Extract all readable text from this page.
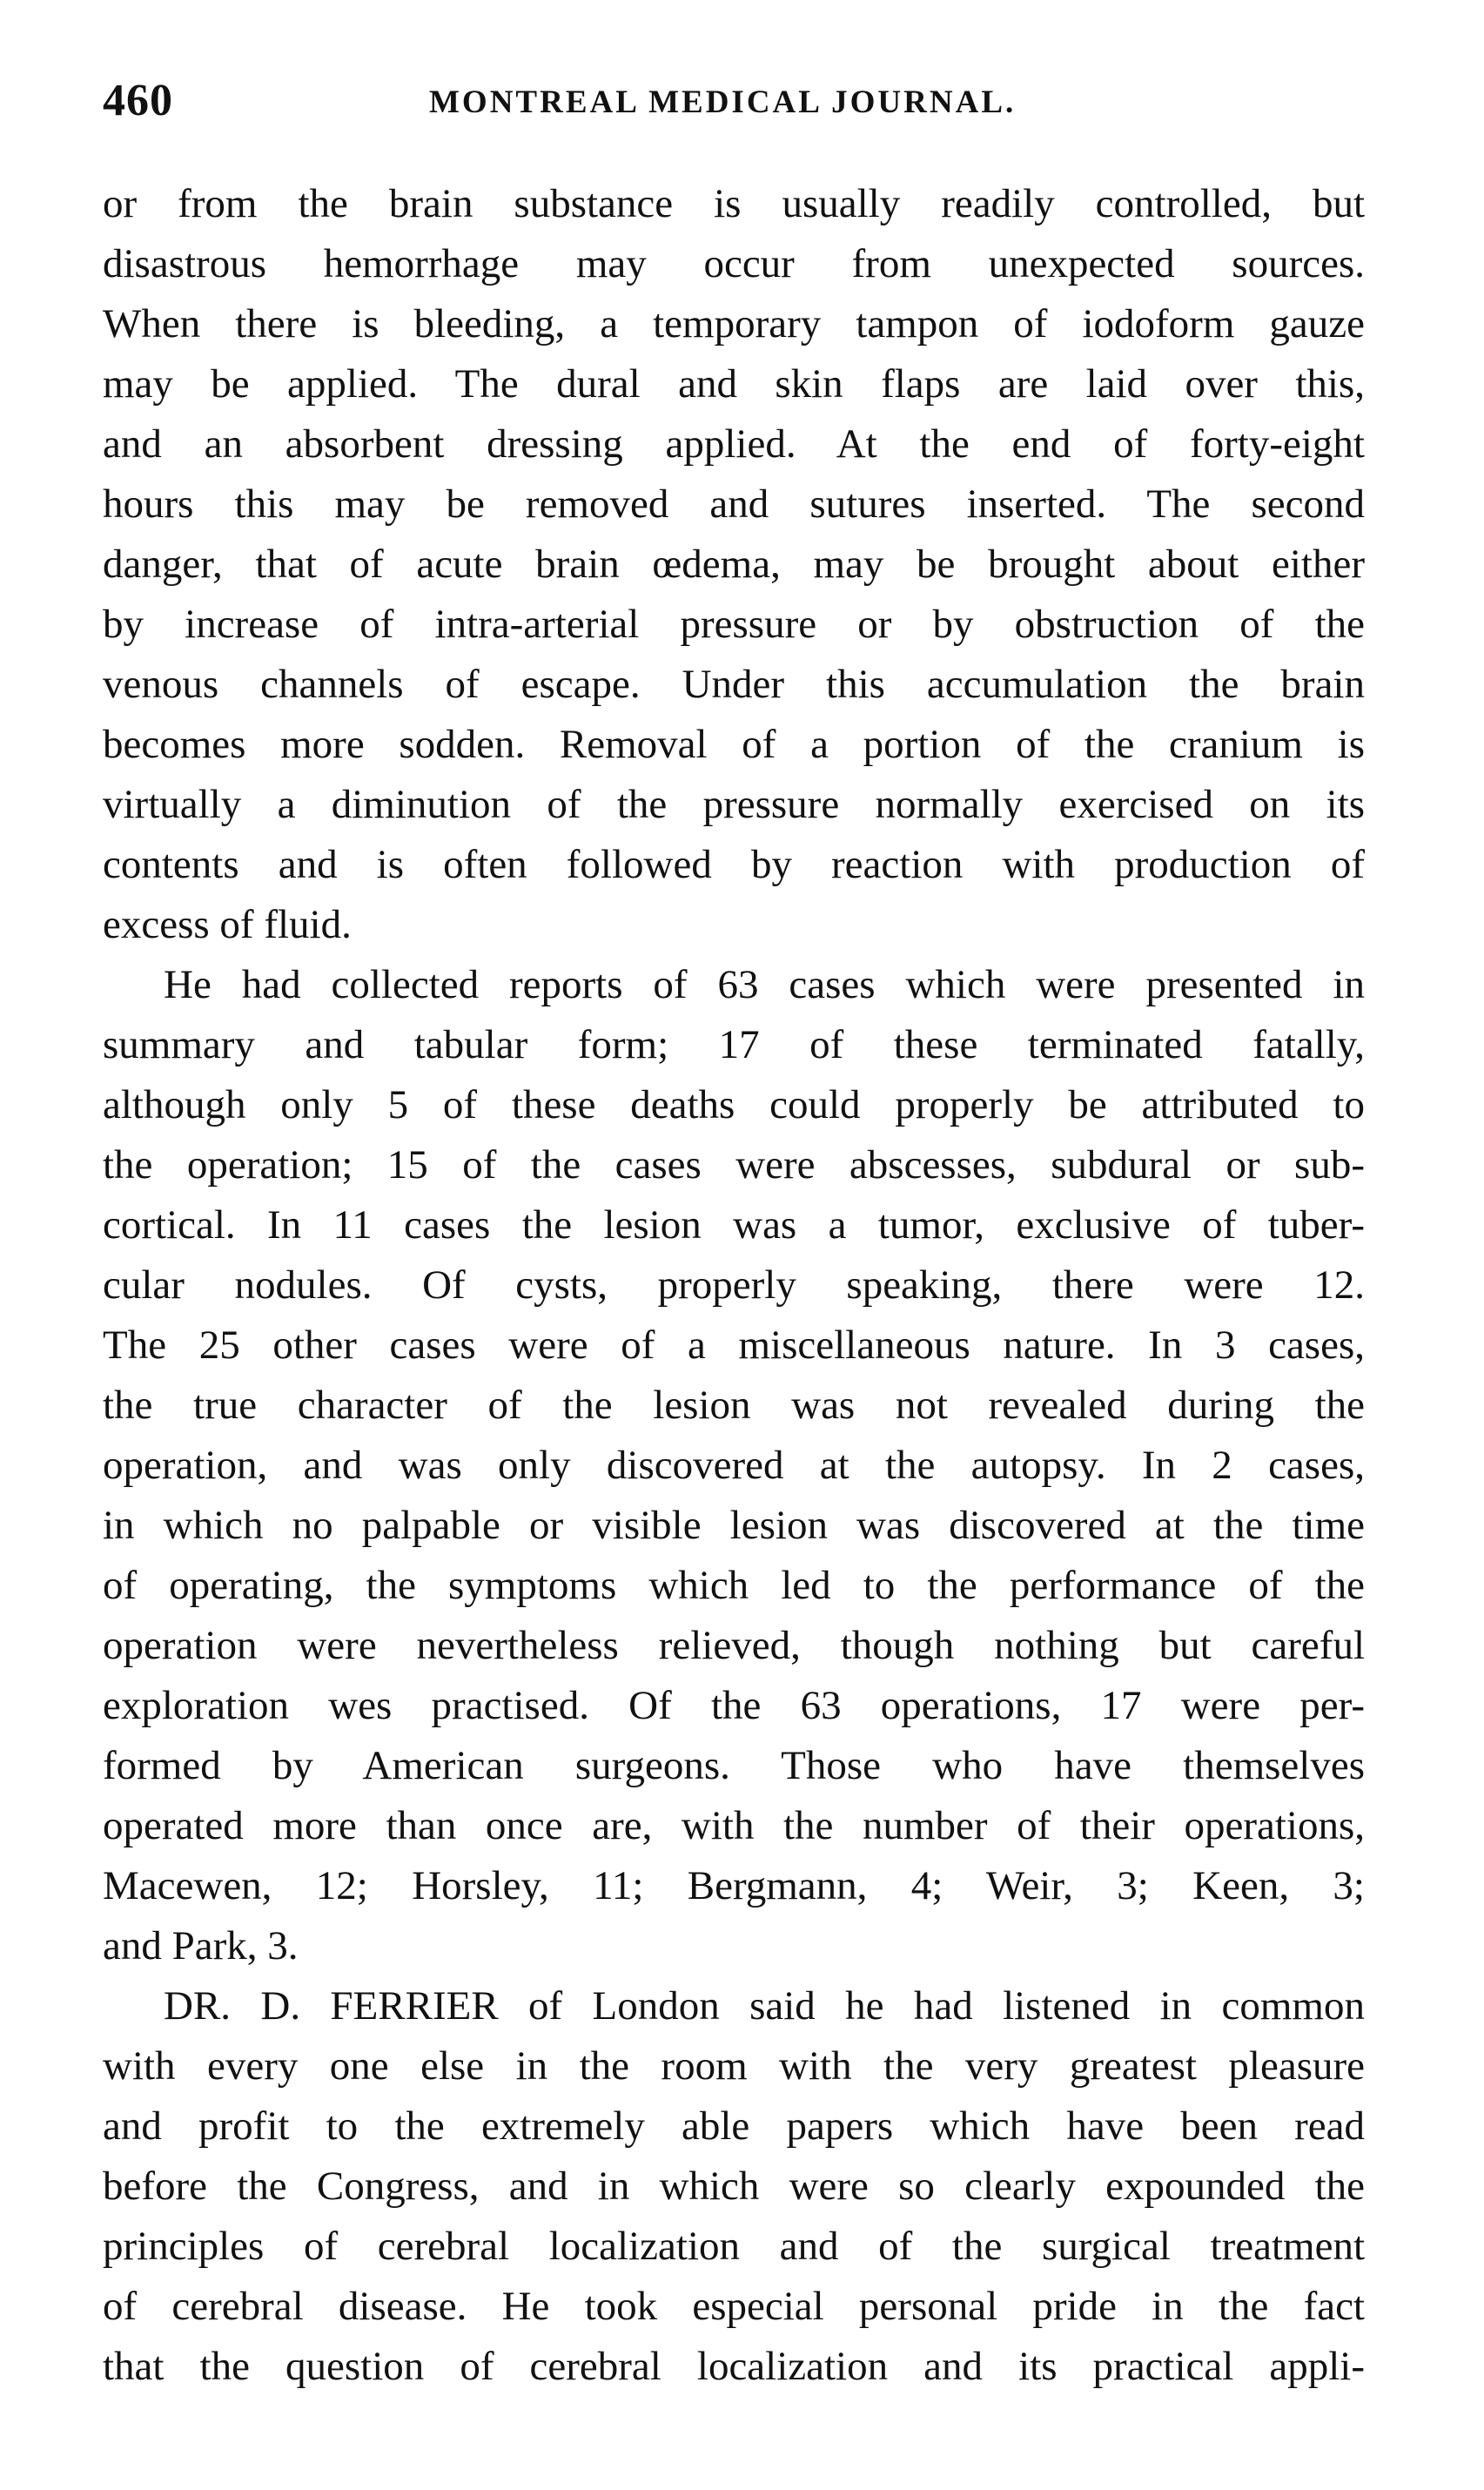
460	MONTREAL MEDICAL JOURNAL.
or from the brain substance is usually readily controlled, but
disastrous hemorrhage may occur from unexpected sources.
When there is bleeding, a temporary tampon of iodoform gauze
may be applied. The dural and skin flaps are laid over this,
and an absorbent dressing applied. At the end of forty-eight
hours this may be removed and sutures inserted. The second
danger, that of acute brain œdema, may be brought about either
by increase of intra-arterial pressure or by obstruction of the
venous channels of escape. Under this accumulation the brain
becomes more sodden. Removal of a portion of the cranium is
virtually a diminution of the pressure normally exercised on its
contents and is often followed by reaction with production of
excess of fluid.
He had collected reports of 63 cases which were presented in
summary and tabular form; 17 of these terminated fatally,
although only 5 of these deaths could properly be attributed to
the operation; 15 of the cases were abscesses, subdural or sub-
cortical. In 11 cases the lesion was a tumor, exclusive of tuber-
cular nodules. Of cysts, properly speaking, there were 12.
The 25 other cases were of a miscellaneous nature. In 3 cases,
the true character of the lesion was not revealed during the
operation, and was only discovered at the autopsy. In 2 cases,
in which no palpable or visible lesion was discovered at the time
of operating, the symptoms which led to the performance of the
operation were nevertheless relieved, though nothing but careful
exploration wes practised. Of the 63 operations, 17 were per-
formed by American surgeons. Those who have themselves
operated more than once are, with the number of their operations,
Macewen, 12; Horsley, 11; Bergmann, 4; Weir, 3; Keen, 3;
and Park, 3.
DR. D. FERRIER of London said he had listened in common
with every one else in the room with the very greatest pleasure
and profit to the extremely able papers which have been read
before the Congress, and in which were so clearly expounded the
principles of cerebral localization and of the surgical treatment
of cerebral disease. He took especial personal pride in the fact
that the question of cerebral localization and its practical appli-
